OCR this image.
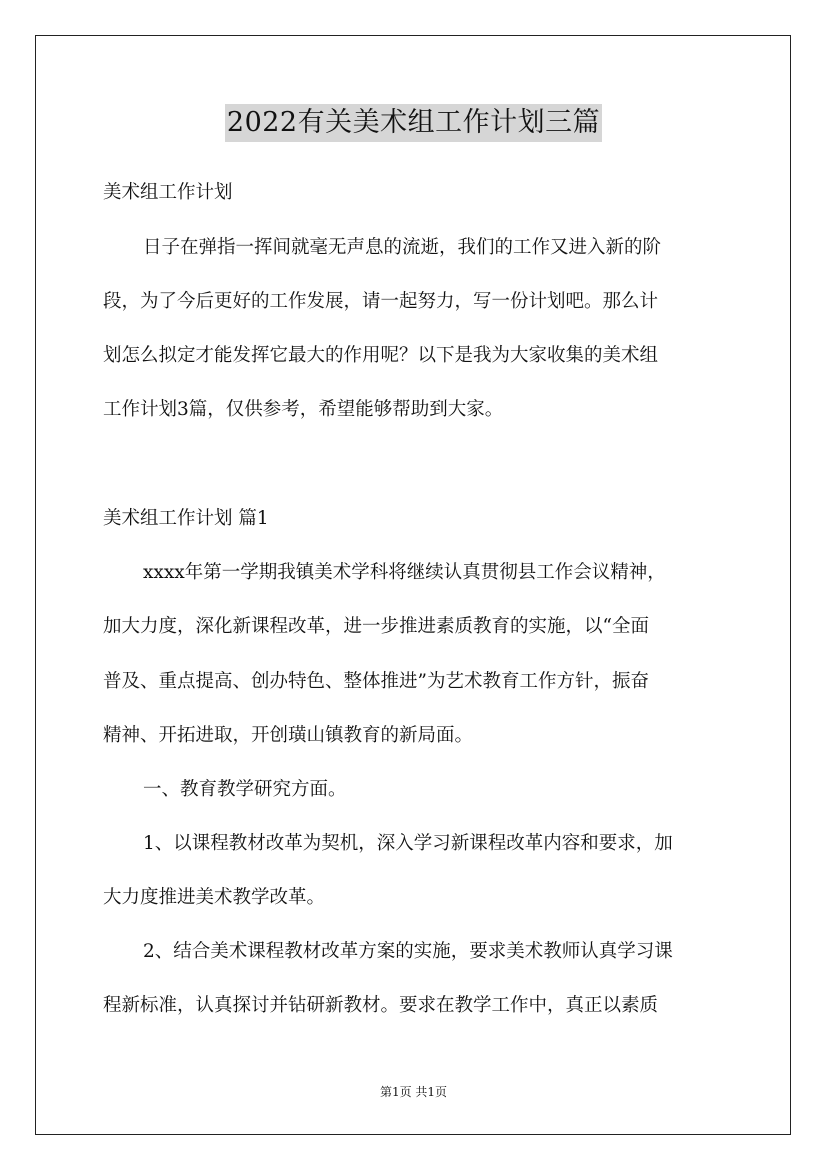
2022有关美术组工作计划三篇
美术组工作计划
日子在弹指一挥间就毫无声息的流逝，我们的工作又进入新的阶
段，为了今后更好的工作发展，请一起努力，写一份计划吧。那么计
划怎么拟定才能发挥它最大的作用呢？以下是我为大家收集的美术组
工作计划3篇，仅供参考，希望能够帮助到大家。
美术组工作计划 篇1
xxxx年第一学期我镇美术学科将继续认真贯彻县工作会议精神，
加大力度，深化新课程改革，进一步推进素质教育的实施，以“全面
普及、重点提高、创办特色、整体推进”为艺术教育工作方针，振奋
精神、开拓进取，开创璜山镇教育的新局面。
一、教育教学研究方面。
1、以课程教材改革为契机，深入学习新课程改革内容和要求，加
大力度推进美术教学改革。
2、结合美术课程教材改革方案的实施，要求美术教师认真学习课
程新标准，认真探讨并钻研新教材。要求在教学工作中，真正以素质
第1页 共1页
